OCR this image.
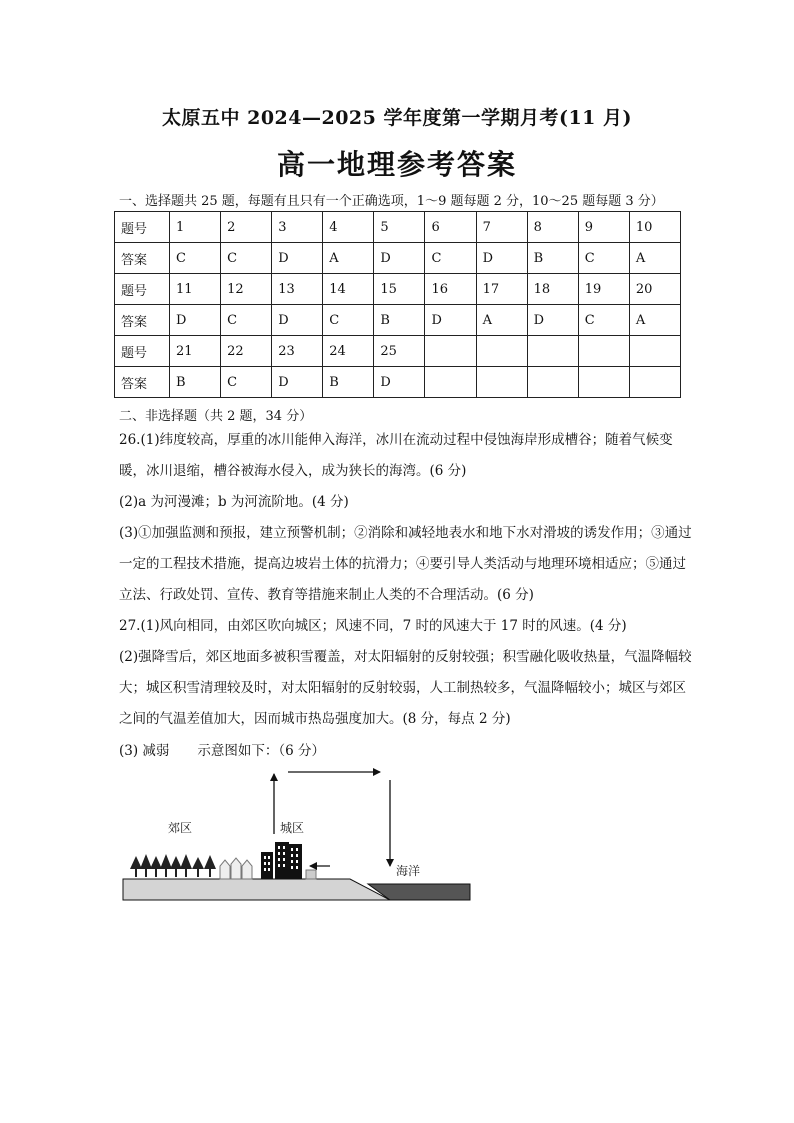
太原五中 2024—2025 学年度第一学期月考(11 月)
高一地理参考答案
一、选择题共 25 题，每题有且只有一个正确选项，1～9 题每题 2 分，10～25 题每题 3 分）
题号	1	2	3	4	5	6	7	8	9	10
答案	C	C	D	A	D	C	D	B	C	A
题号	11	12	13	14	15	16	17	18	19	20
答案	D	C	D	C	B	D	A	D	C	A
题号	21	22	23	24	25					
答案	B	C	D	B	D					
二、非选择题（共 2 题，34 分）
26.(1)纬度较高，厚重的冰川能伸入海洋，冰川在流动过程中侵蚀海岸形成槽谷；随着气候变暖，冰川退缩，槽谷被海水侵入，成为狭长的海湾。(6 分)
(2)a 为河漫滩；b 为河流阶地。(4 分)
(3)①加强监测和预报，建立预警机制；②消除和减轻地表水和地下水对滑坡的诱发作用；③通过一定的工程技术措施，提高边坡岩土体的抗滑力；④要引导人类活动与地理环境相适应；⑤通过立法、行政处罚、宣传、教育等措施来制止人类的不合理活动。(6 分)
27.(1)风向相同，由郊区吹向城区；风速不同，7 时的风速大于 17 时的风速。(4 分)
(2)强降雪后，郊区地面多被积雪覆盖，对太阳辐射的反射较强；积雪融化吸收热量，气温降幅较大；城区积雪清理较及时，对太阳辐射的反射较弱，人工制热较多，气温降幅较小；城区与郊区之间的气温差值加大，因而城市热岛强度加大。(8 分，每点 2 分)
(3) 减弱 示意图如下：（6 分）
郊区	城区
海洋
